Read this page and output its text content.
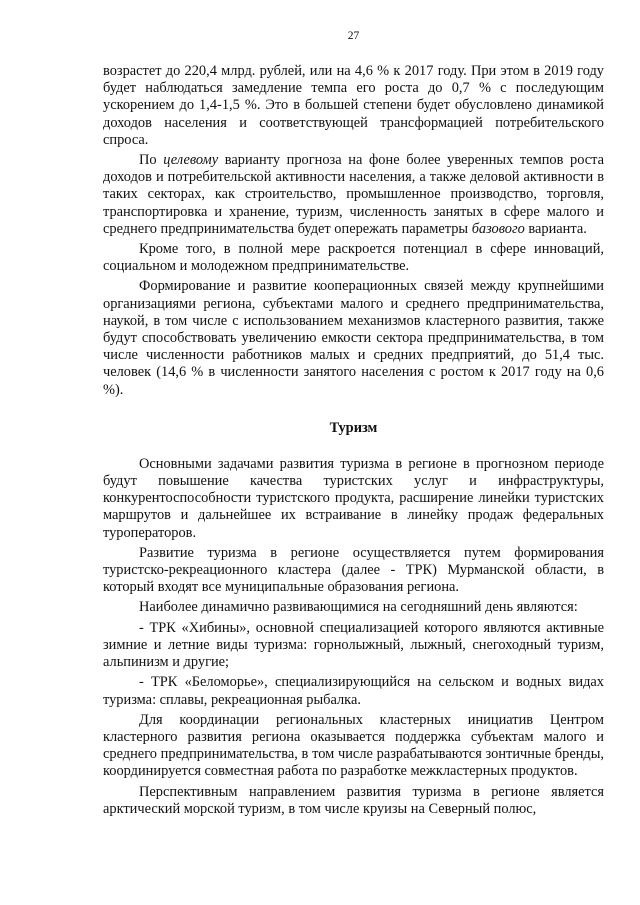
27

возрастет до 220,4 млрд. рублей, или на 4,6 % к 2017 году. При этом в 2019 году будет наблюдаться замедление темпа его роста до 0,7 % с последующим ускорением до 1,4-1,5 %. Это в большей степени будет обусловлено динамикой доходов населения и соответствующей трансформацией потребительского спроса.

По целевому варианту прогноза на фоне более уверенных темпов роста доходов и потребительской активности населения, а также деловой активности в таких секторах, как строительство, промышленное производство, торговля, транспортировка и хранение, туризм, численность занятых в сфере малого и среднего предпринимательства будет опережать параметры базового варианта.

Кроме того, в полной мере раскроется потенциал в сфере инноваций, социальном и молодежном предпринимательстве.

Формирование и развитие кооперационных связей между крупнейшими организациями региона, субъектами малого и среднего предпринимательства, наукой, в том числе с использованием механизмов кластерного развития, также будут способствовать увеличению емкости сектора предпринимательства, в том числе численности работников малых и средних предприятий, до 51,4 тыс. человек (14,6 % в численности занятого населения с ростом к 2017 году на 0,6 %).

Туризм

Основными задачами развития туризма в регионе в прогнозном периоде будут повышение качества туристских услуг и инфраструктуры, конкурентоспособности туристского продукта, расширение линейки туристских маршрутов и дальнейшее их встраивание в линейку продаж федеральных туроператоров.

Развитие туризма в регионе осуществляется путем формирования туристско-рекреационного кластера (далее - ТРК) Мурманской области, в который входят все муниципальные образования региона.

Наиболее динамично развивающимися на сегодняшний день являются:

- ТРК «Хибины», основной специализацией которого являются активные зимние и летние виды туризма: горнолыжный, лыжный, снегоходный туризм, альпинизм и другие;

- ТРК «Беломорье», специализирующийся на сельском и водных видах туризма: сплавы, рекреационная рыбалка.

Для координации региональных кластерных инициатив Центром кластерного развития региона оказывается поддержка субъектам малого и среднего предпринимательства, в том числе разрабатываются зонтичные бренды, координируется совместная работа по разработке межкластерных продуктов.

Перспективным направлением развития туризма в регионе является арктический морской туризм, в том числе круизы на Северный полюс,
